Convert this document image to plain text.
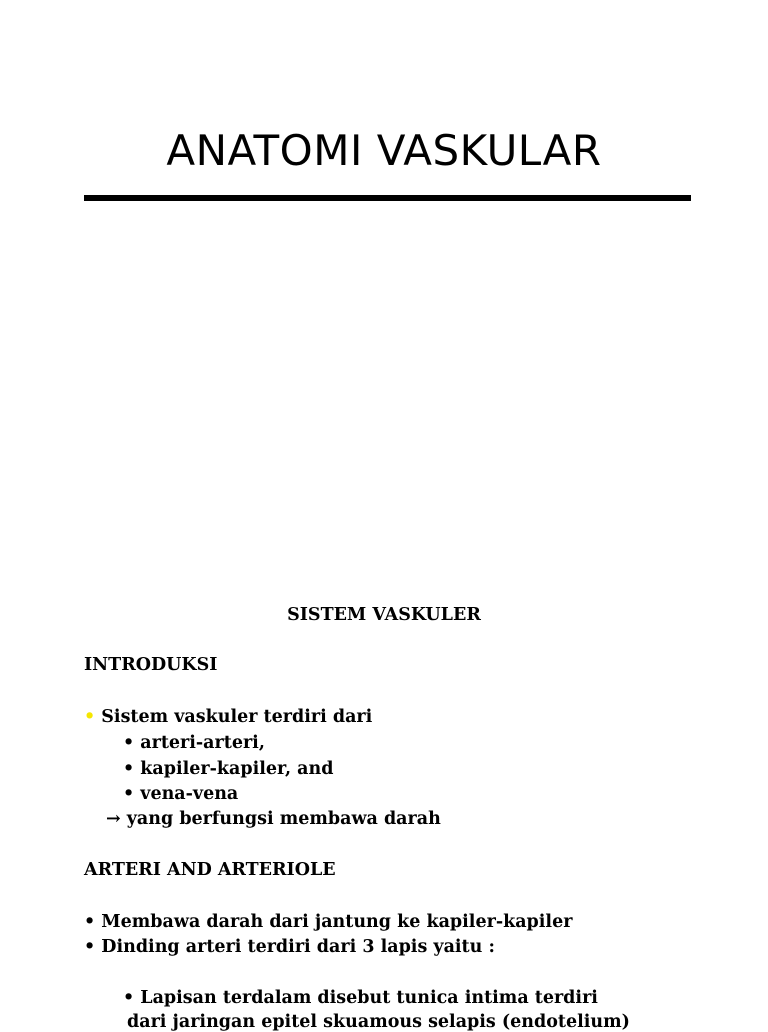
ANATOMI VASKULAR
SISTEM VASKULER
INTRODUKSI
• Sistem vaskuler terdiri dari
• arteri-arteri,
• kapiler-kapiler, and
• vena-vena
→ yang berfungsi membawa darah
ARTERI AND ARTERIOLE
• Membawa darah dari jantung ke kapiler-kapiler
• Dinding arteri terdiri dari 3 lapis yaitu :
• Lapisan terdalam disebut tunica intima terdiri
dari jaringan epitel skuamous selapis (endotelium)
